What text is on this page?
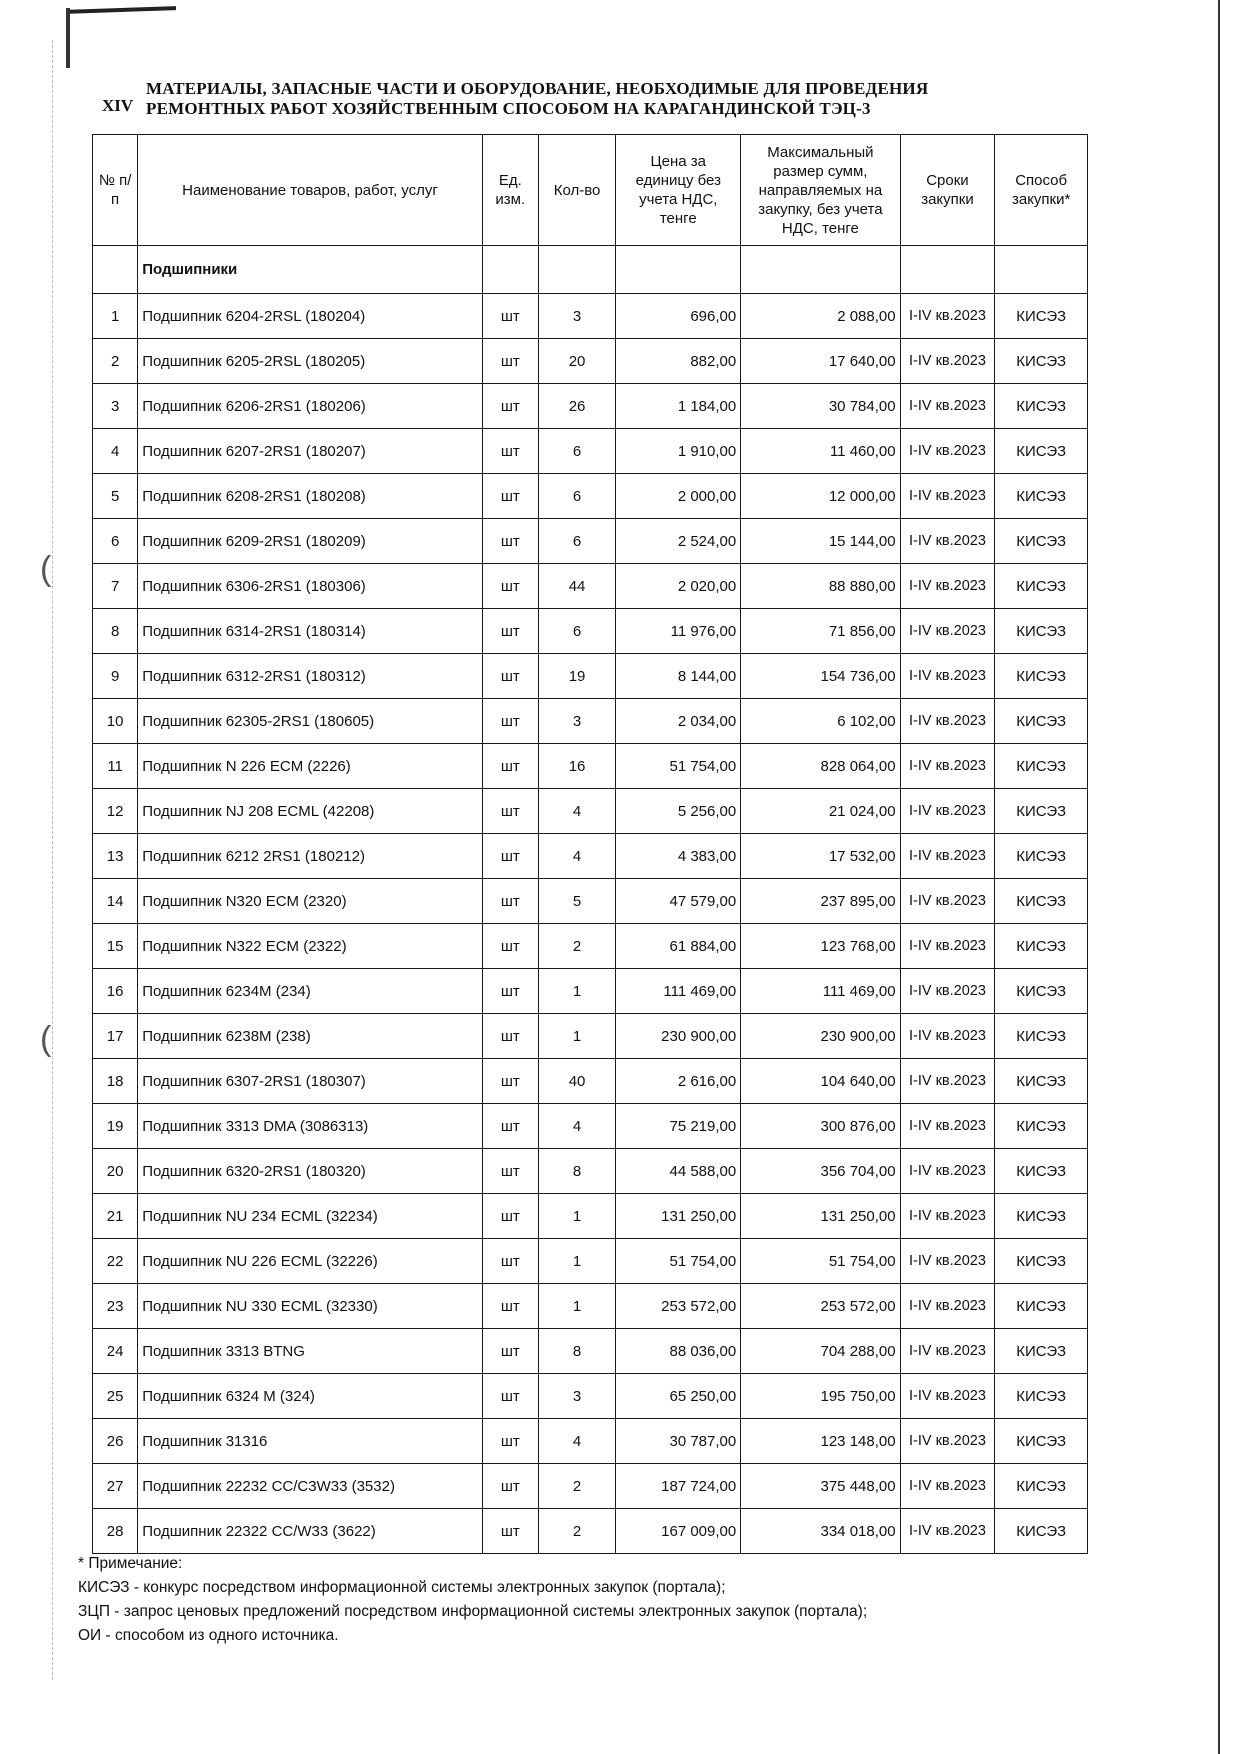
(
(
XIV
МАТЕРИАЛЫ, ЗАПАСНЫЕ ЧАСТИ И ОБОРУДОВАНИЕ, НЕОБХОДИМЫЕ ДЛЯ ПРОВЕДЕНИЯ РЕМОНТНЫХ РАБОТ ХОЗЯЙСТВЕННЫМ СПОСОБОМ НА КАРАГАНДИНСКОЙ ТЭЦ-3
№ п/п	Наименование товаров, работ, услуг	Ед. изм.	Кол-во	Цена за единицу без учета НДС, тенге	Максимальный размер сумм, направляемых на закупку, без учета НДС, тенге	Сроки закупки	Способ закупки*
	Подшипники						
1	Подшипник 6204-2RSL (180204)	шт	3	696,00	2 088,00	I-IV кв.2023	КИСЭЗ
2	Подшипник 6205-2RSL (180205)	шт	20	882,00	17 640,00	I-IV кв.2023	КИСЭЗ
3	Подшипник 6206-2RS1 (180206)	шт	26	1 184,00	30 784,00	I-IV кв.2023	КИСЭЗ
4	Подшипник 6207-2RS1 (180207)	шт	6	1 910,00	11 460,00	I-IV кв.2023	КИСЭЗ
5	Подшипник 6208-2RS1 (180208)	шт	6	2 000,00	12 000,00	I-IV кв.2023	КИСЭЗ
6	Подшипник 6209-2RS1 (180209)	шт	6	2 524,00	15 144,00	I-IV кв.2023	КИСЭЗ
7	Подшипник 6306-2RS1 (180306)	шт	44	2 020,00	88 880,00	I-IV кв.2023	КИСЭЗ
8	Подшипник 6314-2RS1 (180314)	шт	6	11 976,00	71 856,00	I-IV кв.2023	КИСЭЗ
9	Подшипник 6312-2RS1 (180312)	шт	19	8 144,00	154 736,00	I-IV кв.2023	КИСЭЗ
10	Подшипник 62305-2RS1 (180605)	шт	3	2 034,00	6 102,00	I-IV кв.2023	КИСЭЗ
11	Подшипник N 226 ECM (2226)	шт	16	51 754,00	828 064,00	I-IV кв.2023	КИСЭЗ
12	Подшипник NJ 208 ECML (42208)	шт	4	5 256,00	21 024,00	I-IV кв.2023	КИСЭЗ
13	Подшипник 6212 2RS1 (180212)	шт	4	4 383,00	17 532,00	I-IV кв.2023	КИСЭЗ
14	Подшипник N320 ECM (2320)	шт	5	47 579,00	237 895,00	I-IV кв.2023	КИСЭЗ
15	Подшипник N322 ECM (2322)	шт	2	61 884,00	123 768,00	I-IV кв.2023	КИСЭЗ
16	Подшипник 6234M (234)	шт	1	111 469,00	111 469,00	I-IV кв.2023	КИСЭЗ
17	Подшипник 6238M (238)	шт	1	230 900,00	230 900,00	I-IV кв.2023	КИСЭЗ
18	Подшипник 6307-2RS1 (180307)	шт	40	2 616,00	104 640,00	I-IV кв.2023	КИСЭЗ
19	Подшипник 3313 DMA (3086313)	шт	4	75 219,00	300 876,00	I-IV кв.2023	КИСЭЗ
20	Подшипник 6320-2RS1 (180320)	шт	8	44 588,00	356 704,00	I-IV кв.2023	КИСЭЗ
21	Подшипник NU 234 ECML (32234)	шт	1	131 250,00	131 250,00	I-IV кв.2023	КИСЭЗ
22	Подшипник NU 226 ECML (32226)	шт	1	51 754,00	51 754,00	I-IV кв.2023	КИСЭЗ
23	Подшипник NU 330 ECML (32330)	шт	1	253 572,00	253 572,00	I-IV кв.2023	КИСЭЗ
24	Подшипник 3313 BTNG	шт	8	88 036,00	704 288,00	I-IV кв.2023	КИСЭЗ
25	Подшипник 6324 M (324)	шт	3	65 250,00	195 750,00	I-IV кв.2023	КИСЭЗ
26	Подшипник 31316	шт	4	30 787,00	123 148,00	I-IV кв.2023	КИСЭЗ
27	Подшипник 22232 CC/C3W33 (3532)	шт	2	187 724,00	375 448,00	I-IV кв.2023	КИСЭЗ
28	Подшипник 22322 CC/W33 (3622)	шт	2	167 009,00	334 018,00	I-IV кв.2023	КИСЭЗ
* Примечание:
КИСЭЗ - конкурс посредством информационной системы электронных закупок (портала);
ЗЦП - запрос ценовых предложений посредством информационной системы электронных закупок (портала);
ОИ - способом из одного источника.
